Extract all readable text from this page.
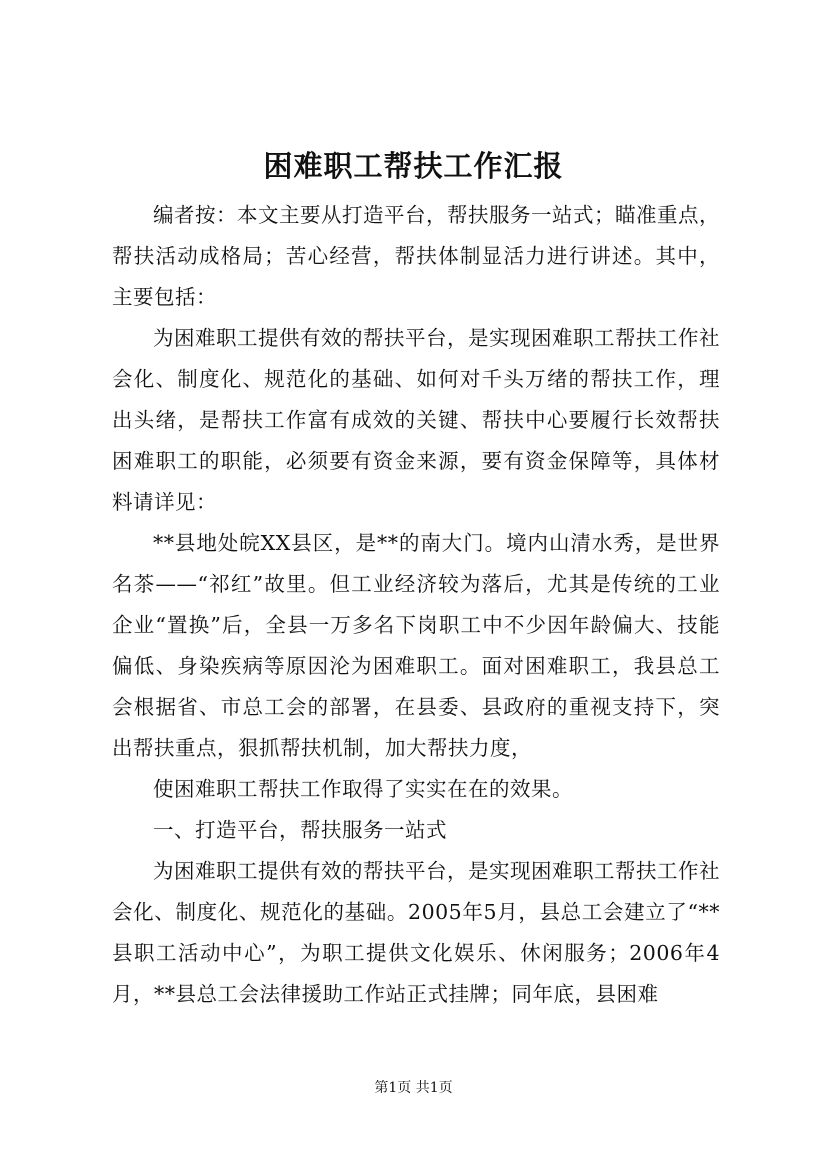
困难职工帮扶工作汇报

编者按：本文主要从打造平台，帮扶服务一站式；瞄准重点，帮扶活动成格局；苦心经营，帮扶体制显活力进行讲述。其中，主要包括：

为困难职工提供有效的帮扶平台，是实现困难职工帮扶工作社会化、制度化、规范化的基础、如何对千头万绪的帮扶工作，理出头绪，是帮扶工作富有成效的关键、帮扶中心要履行长效帮扶困难职工的职能，必须要有资金来源，要有资金保障等，具体材料请详见：

**县地处皖XX县区，是**的南大门。境内山清水秀，是世界名茶——“祁红”故里。但工业经济较为落后，尤其是传统的工业企业“置换”后，全县一万多名下岗职工中不少因年龄偏大、技能偏低、身染疾病等原因沦为困难职工。面对困难职工，我县总工会根据省、市总工会的部署，在县委、县政府的重视支持下，突出帮扶重点，狠抓帮扶机制，加大帮扶力度，

使困难职工帮扶工作取得了实实在在的效果。

一、打造平台，帮扶服务一站式

为困难职工提供有效的帮扶平台，是实现困难职工帮扶工作社会化、制度化、规范化的基础。2005年5月，县总工会建立了“**县职工活动中心”，为职工提供文化娱乐、休闲服务；2006年4月，**县总工会法律援助工作站正式挂牌；同年底，县困难

第1页 共1页
